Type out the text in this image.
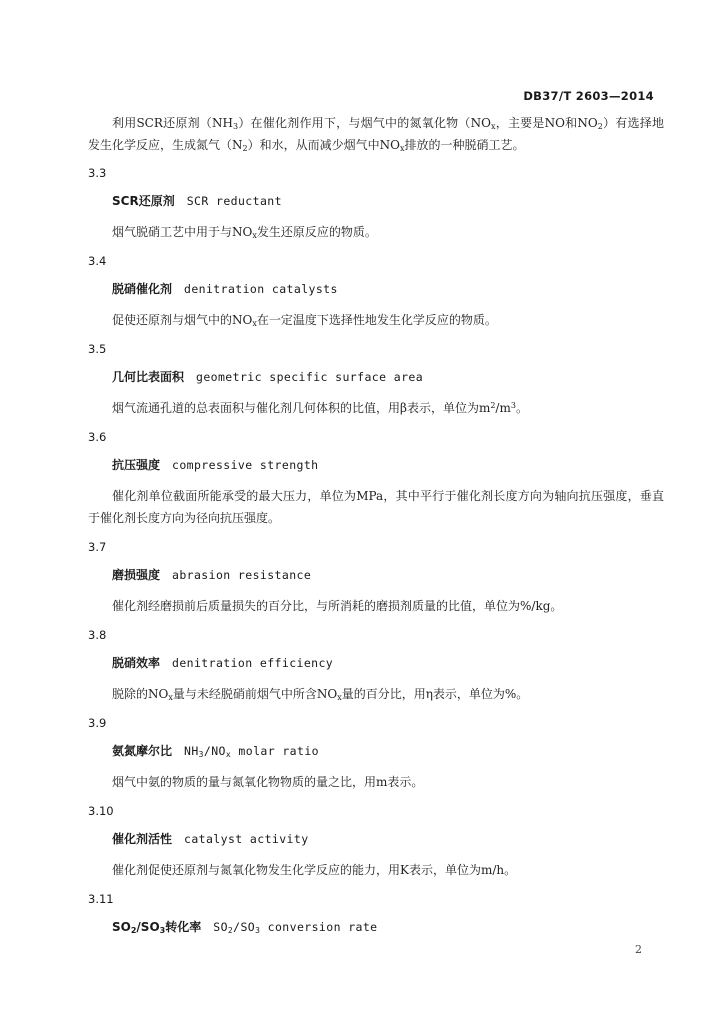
DB37/T 2603—2014

利用SCR还原剂$(NH_3)$在催化剂作用下，与烟气中的氮氧化物（$NO_x$，主要是NO和$NO_2$）有选择地发生化学反应，生成氮气$(N_2)$和水，从而减少烟气中$NO_x$排放的一种脱硝工艺。

3.3
SCR还原剂 SCR reductant

烟气脱硝工艺中用于与$NO_x$发生还原反应的物质。

3.4
脱硝催化剂 denitration catalysts

促使还原剂与烟气中的$NO_x$在一定温度下选择性地发生化学反应的物质。

3.5
几何比表面积 geometric specific surface area

烟气流通孔道的总表面积与催化剂几何体积的比值，用β表示，单位为$m^2/m^3$。

3.6
抗压强度 compressive strength

催化剂单位截面所能承受的最大压力，单位为MPa，其中平行于催化剂长度方向为轴向抗压强度，垂直于催化剂长度方向为径向抗压强度。

3.7
磨损强度 abrasion resistance

催化剂经磨损前后质量损失的百分比，与所消耗的磨损剂质量的比值，单位为%/kg。

3.8
脱硝效率 denitration efficiency

脱除的$NO_x$量与未经脱硝前烟气中所含$NO_x$量的百分比，用η表示，单位为%。

3.9
氨氮摩尔比 $NH_3/NO_x$ molar ratio

烟气中氨的物质的量与氮氧化物物质的量之比，用m表示。

3.10
催化剂活性 catalyst activity

催化剂促使还原剂与氮氧化物发生化学反应的能力，用K表示，单位为m/h。

3.11
$SO_2/SO_3$转化率 $SO_2/SO_3$ conversion rate
2
